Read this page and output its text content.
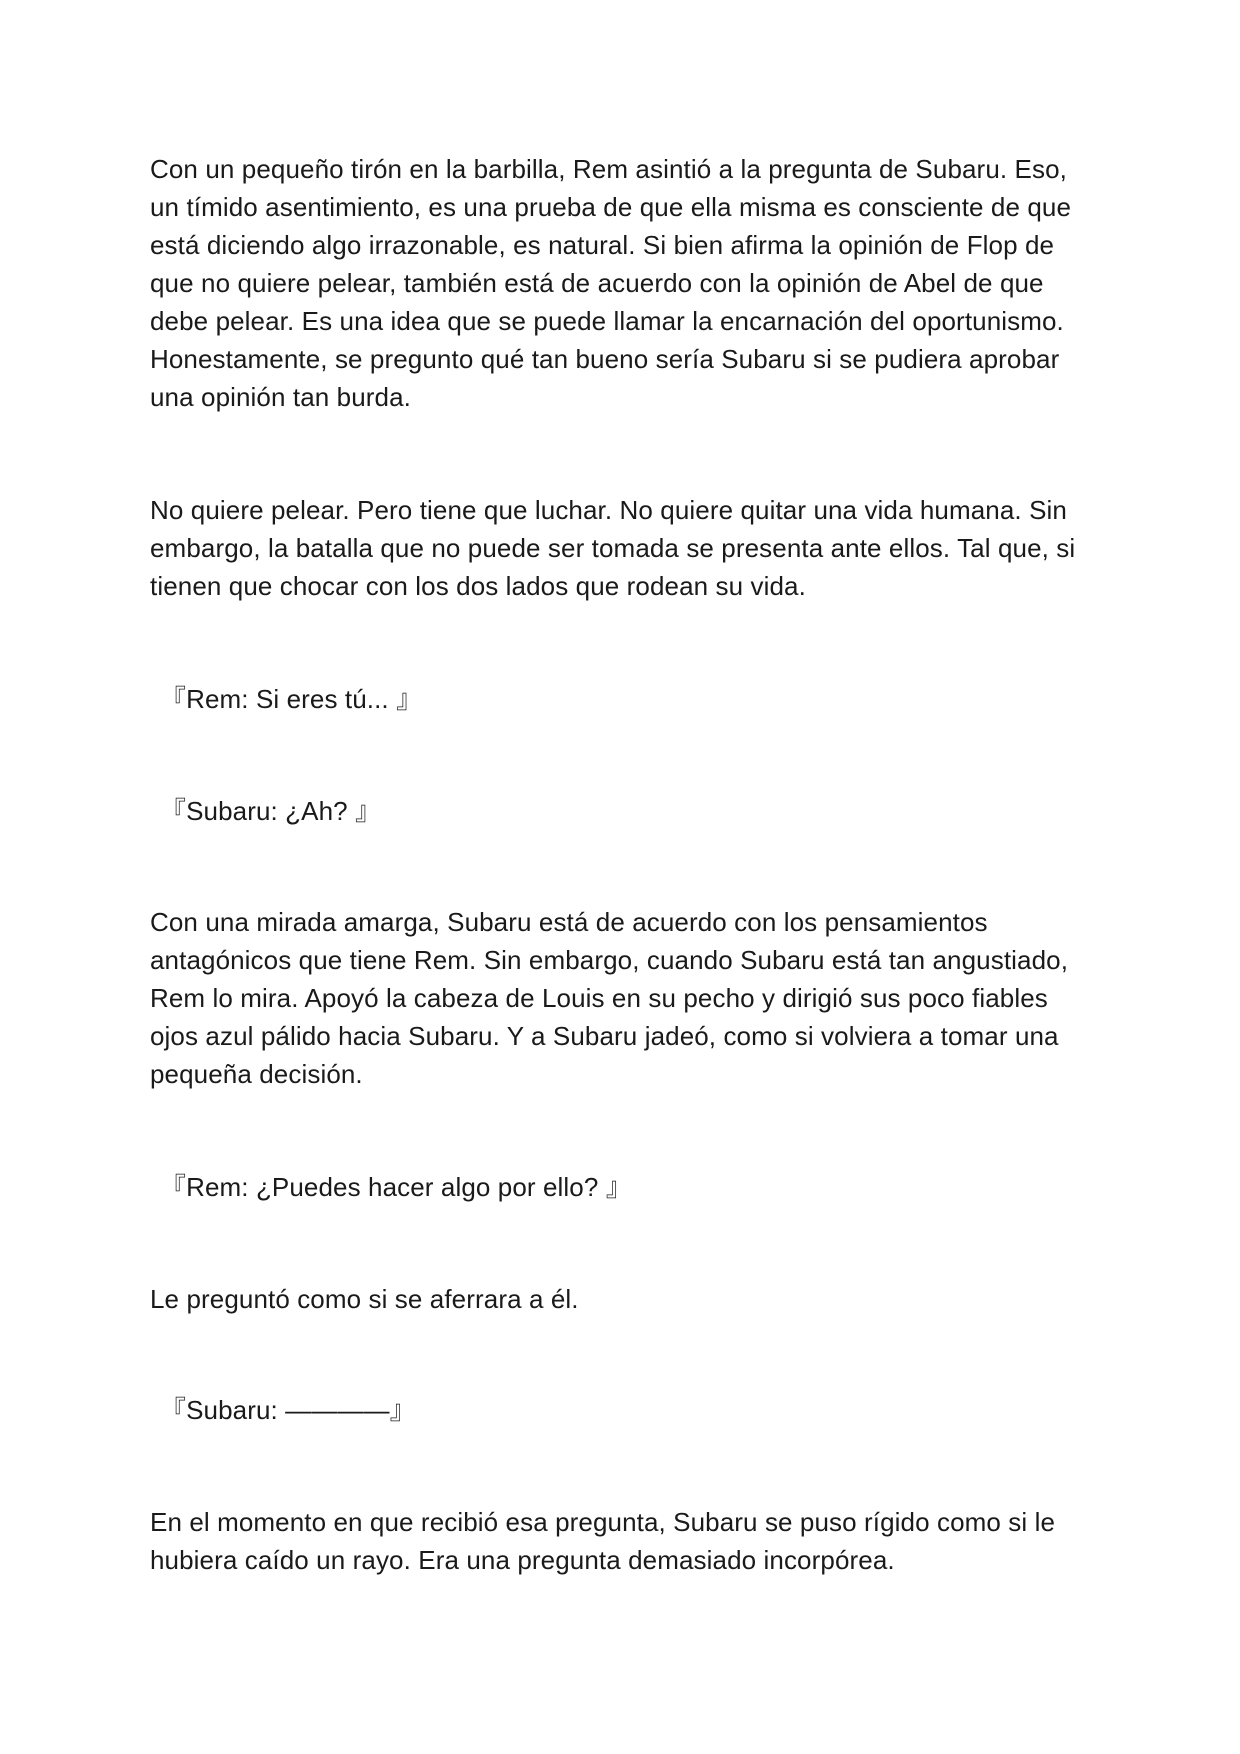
Con un pequeño tirón en la barbilla, Rem asintió a la pregunta de Subaru. Eso, un tímido asentimiento, es una prueba de que ella misma es consciente de que está diciendo algo irrazonable, es natural. Si bien afirma la opinión de Flop de que no quiere pelear, también está de acuerdo con la opinión de Abel de que debe pelear. Es una idea que se puede llamar la encarnación del oportunismo. Honestamente, se pregunto qué tan bueno sería Subaru si se pudiera aprobar una opinión tan burda.

No quiere pelear. Pero tiene que luchar. No quiere quitar una vida humana. Sin embargo, la batalla que no puede ser tomada se presenta ante ellos. Tal que, si tienen que chocar con los dos lados que rodean su vida.

『Rem: Si eres tú... 』

『Subaru: ¿Ah? 』

Con una mirada amarga, Subaru está de acuerdo con los pensamientos antagónicos que tiene Rem. Sin embargo, cuando Subaru está tan angustiado, Rem lo mira. Apoyó la cabeza de Louis en su pecho y dirigió sus poco fiables ojos azul pálido hacia Subaru. Y a Subaru jadeó, como si volviera a tomar una pequeña decisión.

『Rem: ¿Puedes hacer algo por ello? 』

Le preguntó como si se aferrara a él.

『Subaru: ————』

En el momento en que recibió esa pregunta, Subaru se puso rígido como si le hubiera caído un rayo. Era una pregunta demasiado incorpórea.
